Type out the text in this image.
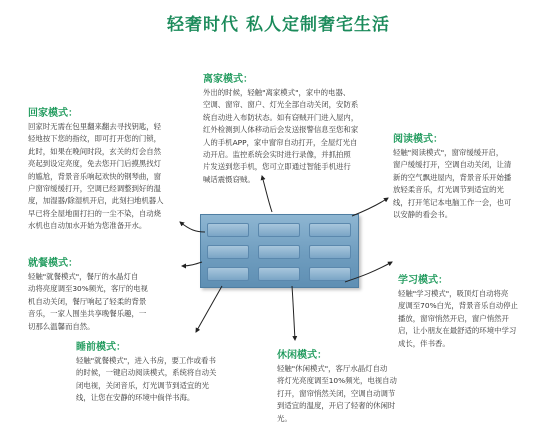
轻奢时代 私人定制奢宅生活
离家模式：
外出的时候，轻触"离家模式"，家中的电器、
空调、窗帘、窗户、灯光全部自动关闭，安防系
统自动进入布防状态。如有窃贼开门进入屋内，
红外检测到人体移动后会发送报警信息至您和家
人的手机APP，家中窗帘自动打开，全屋灯光自
动开启。监控系统会实时进行录像，并抓拍照
片发送到您手机，您可立即通过智能手机进行
喊话震慑窃贼。
回家模式：
回家时无需在包里翻来翻去寻找钥匙，轻
轻地按下您的指纹，即可打开您的门锁，
此时，如果在晚间时段，玄关的灯会自然
亮起到设定亮度，免去您开门后摸黑找灯
的尴尬，背景音乐响起欢快的钢琴曲，窗
户窗帘缓缓打开，空调已经调整到好的温
度，加湿器/除湿机开启，此刻扫地机器人
早已将全屋地面打扫的一尘不染，自动烧
水机也自动加水开始为您准备开水。
阅读模式：
轻触"阅读模式"，窗帘缓缓开启，
窗户缓缓打开，空调自动关闭，让清
新的空气飘进屋内，背景音乐开始播
放轻柔音乐，灯光调节到适宜的光
线，打开笔记本电脑工作一会，也可
以安静的看会书。
就餐模式：
轻触"就餐模式"，餐厅的水晶灯自
动将亮度调至30%频光，客厅的电视
机自动关闭，餐厅响起了轻柔的背景
音乐，一家人围坐共享晚餐乐趣，一
切那么温馨而自然。
学习模式：
轻触"学习模式"，吸顶灯自动将亮
度调至70%白光，背景音乐自动停止
播放，窗帘悄然开启，窗户悄然开
启，让小朋友在最舒适的环境中学习
成长，伴书香。
睡前模式：
轻触"就餐模式"，进入书房，要工作或看书
的时候，一键启动阅读模式，系统将自动关
闭电视，关闭音乐，灯光调节到适宜的光
线，让您在安静的环境中倘佯书海。
休闲模式：
轻触"休闲模式"，客厅水晶灯自动
将灯光亮度调至10%频光，电视自动
打开，窗帘悄然关闭，空调自动调节
到适宜的温度，开启了轻奢的休闲时
光。
